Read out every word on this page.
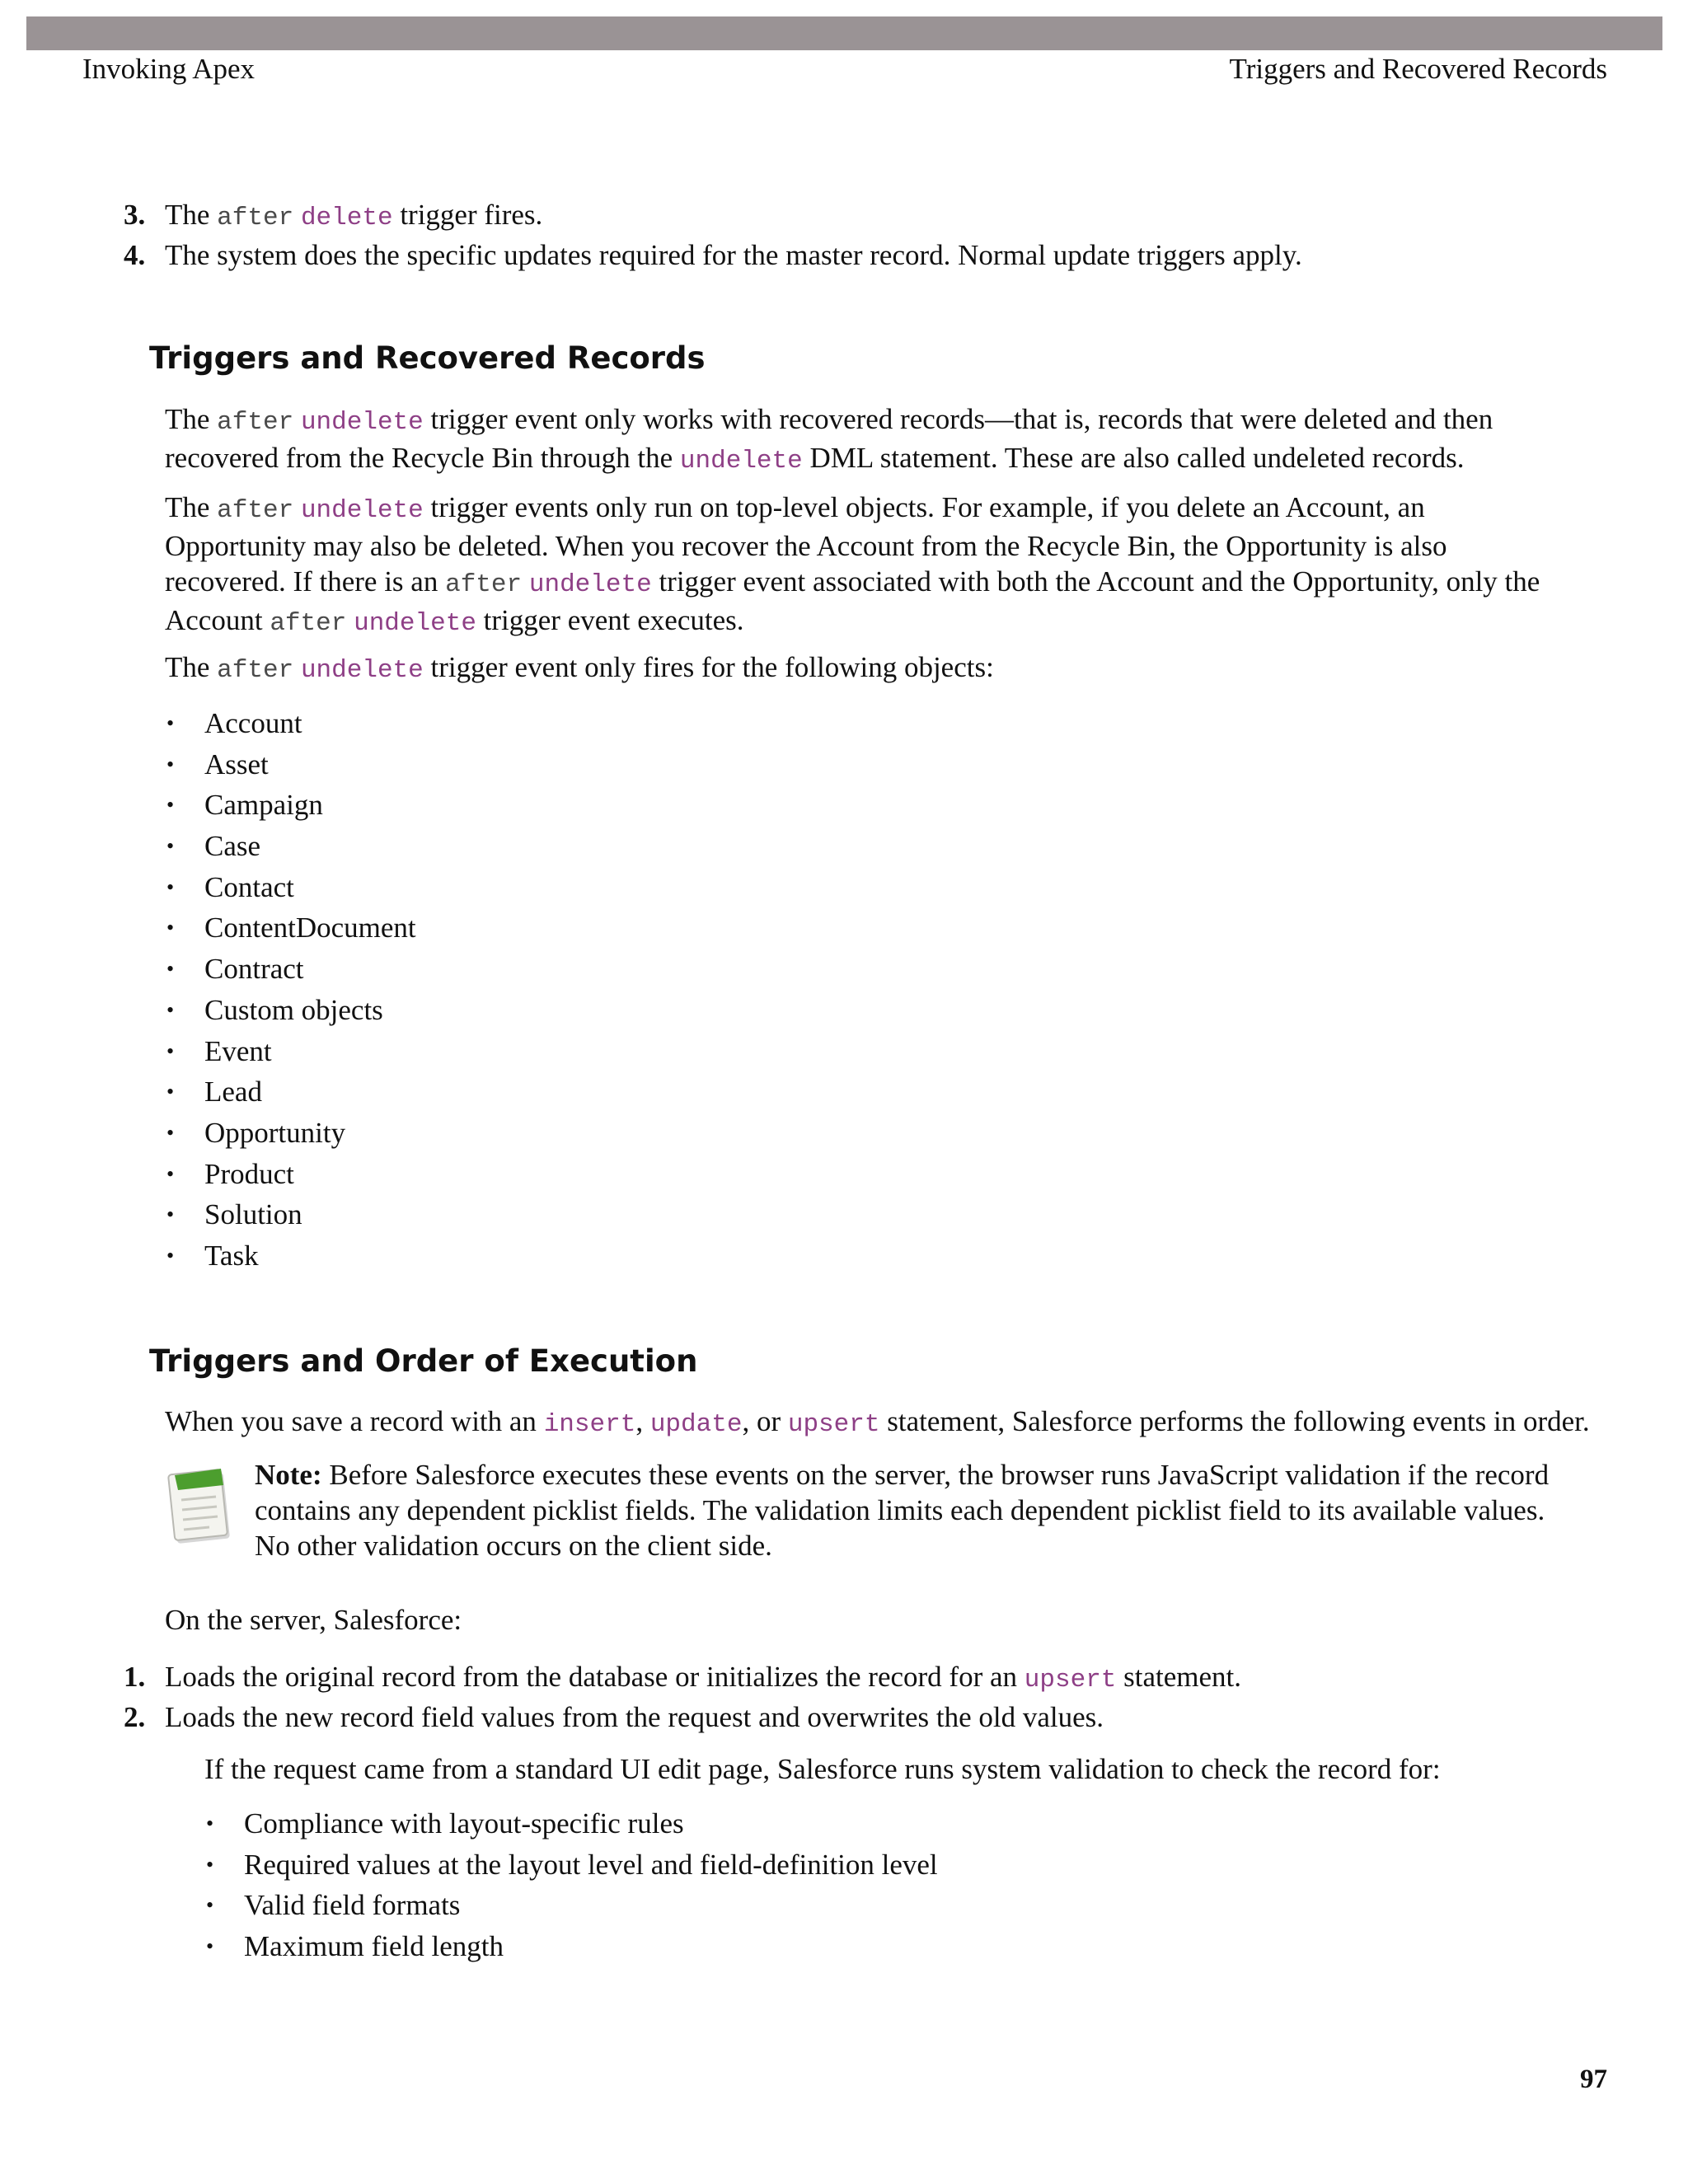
Invoking Apex	Triggers and Recovered Records
3. The after delete trigger fires.
4. The system does the specific updates required for the master record. Normal update triggers apply.
Triggers and Recovered Records

The after undelete trigger event only works with recovered records—that is, records that were deleted and then recovered from the Recycle Bin through the undelete DML statement. These are also called undeleted records.

The after undelete trigger events only run on top-level objects. For example, if you delete an Account, an Opportunity may also be deleted. When you recover the Account from the Recycle Bin, the Opportunity is also recovered. If there is an after undelete trigger event associated with both the Account and the Opportunity, only the Account after undelete trigger event executes.

The after undelete trigger event only fires for the following objects:

• Account
• Asset
• Campaign
• Case
• Contact
• ContentDocument
• Contract
• Custom objects
• Event
• Lead
• Opportunity
• Product
• Solution
• Task
Triggers and Order of Execution

When you save a record with an insert, update, or upsert statement, Salesforce performs the following events in order.

Note: Before Salesforce executes these events on the server, the browser runs JavaScript validation if the record contains any dependent picklist fields. The validation limits each dependent picklist field to its available values. No other validation occurs on the client side.

On the server, Salesforce:

1. Loads the original record from the database or initializes the record for an upsert statement.
2. Loads the new record field values from the request and overwrites the old values.

If the request came from a standard UI edit page, Salesforce runs system validation to check the record for:

• Compliance with layout-specific rules
• Required values at the layout level and field-definition level
• Valid field formats
• Maximum field length
97
